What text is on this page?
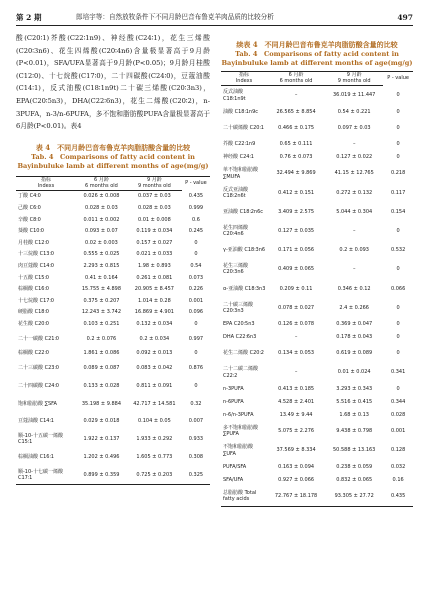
第 2 期	郎培宇等：自然放牧条件下不同月龄巴音布鲁克羊肉品质的比较分析	497

酸(C20∶1)芥酸(C22∶1n9)、神经酸(C24∶1)，花生三烯酸(C20∶3n6)、花生四烯酸(C20∶4n6)含量极显著高于9月龄(P<0.01)，SFA/UFA显著高于9月龄(P<0.05)；9月龄月桂酸(C12∶0)、十七烷酸(C17∶0)，二十四碳酸(C24∶0)，豆蔻油酸(C14∶1)，反式油酸(C18∶1n9t)二十碳三烯酸(C20∶3n3)，EPA(C20∶5n3)，DHA(C22∶6n3)，花生二烯酸(C20∶2)，n-3PUFA，n-3/n-6PUFA，多不饱和脂肪酸PUFA含量极显著高于6月龄(P<0.01)。表4

表 4　不同月龄巴音布鲁克羊肉脂肪酸含量的比较
Tab. 4　Comparisons of fatty acid content in Bayinbuluke lamb at different months of age(mg/g)
指标	6 月龄	9 月龄	P - value
Indexs	6 months old	9 months old	
丁酸 C4∶0	0.026 ± 0.008	0.037 ± 0.03	0.435
己酸 C6∶0	0.028 ± 0.03	0.028 ± 0.03	0.999
辛酸 C8∶0	0.011 ± 0.002	0.01 ± 0.008	0.6
葵酸 C10∶0	0.093 ± 0.07	0.119 ± 0.034	0.245
月桂酸 C12∶0	0.02 ± 0.003	0.157 ± 0.027	0
十三烷酸 C13∶0	0.555 ± 0.025	0.021 ± 0.033	0
肉豆蔻酸 C14∶0	2.293 ± 0.815	1.98 ± 0.893	0.54
十五酸 C15∶0	0.41 ± 0.164	0.261 ± 0.081	0.073
棕榈酸 C16∶0	15.755 ± 4.898	20.905 ± 8.457	0.226
十七烷酸 C17∶0	0.375 ± 0.207	1.014 ± 0.28	0.001
硬脂酸 C18∶0	12.243 ± 3.742	16.869 ± 4.901	0.096
花生酸 C20∶0	0.103 ± 0.251	0.132 ± 0.034	0
二十一碳酸 C21∶0	0.2 ± 0.076	0.2 ± 0.034	0.997
棕榈酸 C22∶0	1.861 ± 0.086	0.092 ± 0.013	0
二十三碳酸 C23∶0	0.089 ± 0.087	0.083 ± 0.042	0.876
二十四碳酸 C24∶0	0.133 ± 0.028	0.811 ± 0.091	0
饱和脂肪酸 ∑SFA	35.198 ± 9.884	42.717 ± 14.581	0.32
豆蔻油酸 C14∶1	0.029 ± 0.018	0.104 ± 0.05	0.007
顺-10-十五碳一烯酸 C15∶1	1.922 ± 0.137	1.933 ± 0.292	0.933
棕榈油酸 C16∶1	1.202 ± 0.496	1.605 ± 0.773	0.308
顺-10-十七碳一烯酸 C17∶1	0.899 ± 0.359	0.725 ± 0.203	0.325
续表 4　不同月龄巴音布鲁克羊肉脂肪酸含量的比较
Tab. 4　Comparisons of fatty acid content in Bayinbuluke lamb at different months of age(mg/g)
指标	6 月龄	9 月龄	P - value
Indexs	6 months old	9 months old	
反式油酸 C18∶1n9t	–	36.019 ± 11.447	0
油酸 C18∶1n9c	26.565 ± 8.854	0.54 ± 0.221	0
二十碳烯酸 C20∶1	0.466 ± 0.175	0.097 ± 0.03	0
芥酸 C22∶1n9	0.65 ± 0.111	–	0
神经酸 C24∶1	0.76 ± 0.073	0.127 ± 0.022	0
单不饱和脂肪酸 ∑MUFA	32.494 ± 9.869	41.15 ± 12.765	0.218
反式亚油酸 C18∶2n6t	0.412 ± 0.151	0.272 ± 0.132	0.117
亚油酸 C18∶2n6c	3.409 ± 2.575	5.044 ± 0.304	0.154
花生四烯酸 C20∶4n6	0.127 ± 0.035	–	0
γ-亚油酸 C18∶3n6	0.171 ± 0.056	0.2 ± 0.093	0.532
花生三烯酸 C20∶3n6	0.409 ± 0.065	–	0
α-亚油酸 C18∶3n3	0.209 ± 0.11	0.346 ± 0.12	0.066
二十碳三烯酸 C20∶3n3	0.078 ± 0.027	2.4 ± 0.266	0
EPA C20∶5n3	0.126 ± 0.078	0.369 ± 0.047	0
DHA C22∶6n3	–	0.178 ± 0.043	0
花生二烯酸 C20∶2	0.134 ± 0.053	0.619 ± 0.089	0
二十二碳二烯酸 C22∶2	–	0.01 ± 0.024	0.341
n-3PUFA	0.413 ± 0.185	3.293 ± 0.343	0
n-6PUFA	4.528 ± 2.401	5.516 ± 0.415	0.344
n-6/n-3PUFA	13.49 ± 9.44	1.68 ± 0.13	0.028
多不饱和脂肪酸 ∑PUFA	5.075 ± 2.276	9.438 ± 0.798	0.001
不饱和脂肪酸 ∑UFA	37.569 ± 8.334	50.588 ± 13.163	0.128
PUFA/SFA	0.163 ± 0.094	0.238 ± 0.059	0.032
SFA/UFA	0.927 ± 0.066	0.832 ± 0.065	0.16
总脂肪酸 Total fatty acids	72.767 ± 18.178	93.305 ± 27.72	0.435
